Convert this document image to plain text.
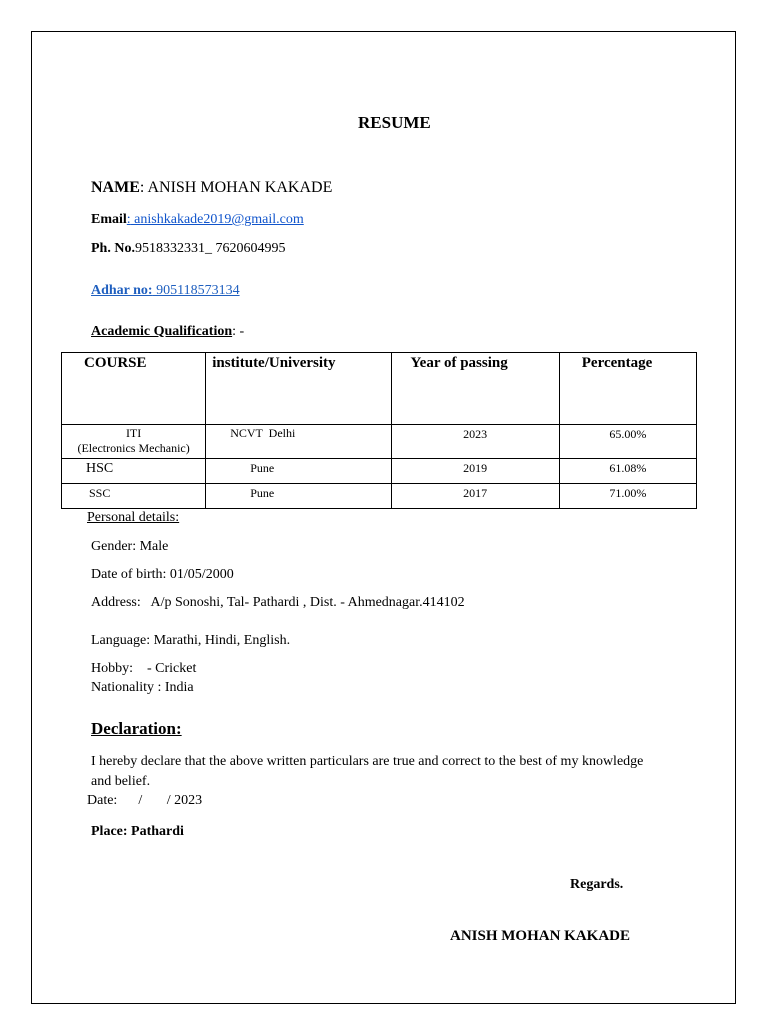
RESUME
NAME: ANISH MOHAN KAKADE
Email: anishkakade2019@gmail.com
Ph. No.9518332331_ 7620604995
Adhar no: 905118573134
Academic Qualification: -
COURSE	institute/University	Year of passing	Percentage

ITI
(Electronics Mechanic)	NCVT  Delhi	2023	65.00%

HSC	Pune	2019	61.08%

SSC	Pune	2017	71.00%
Personal details:
Gender: Male
Date of birth: 01/05/2000
Address:   A/p Sonoshi, Tal- Pathardi , Dist. - Ahmednagar.414102
Language: Marathi, Hindi, English.
Hobby:    - Cricket
Nationality : India
Declaration:
I hereby declare that the above written particulars are true and correct to the best of my knowledge and belief.
Date:      /       / 2023
Place: Pathardi
Regards.
ANISH MOHAN KAKADE
